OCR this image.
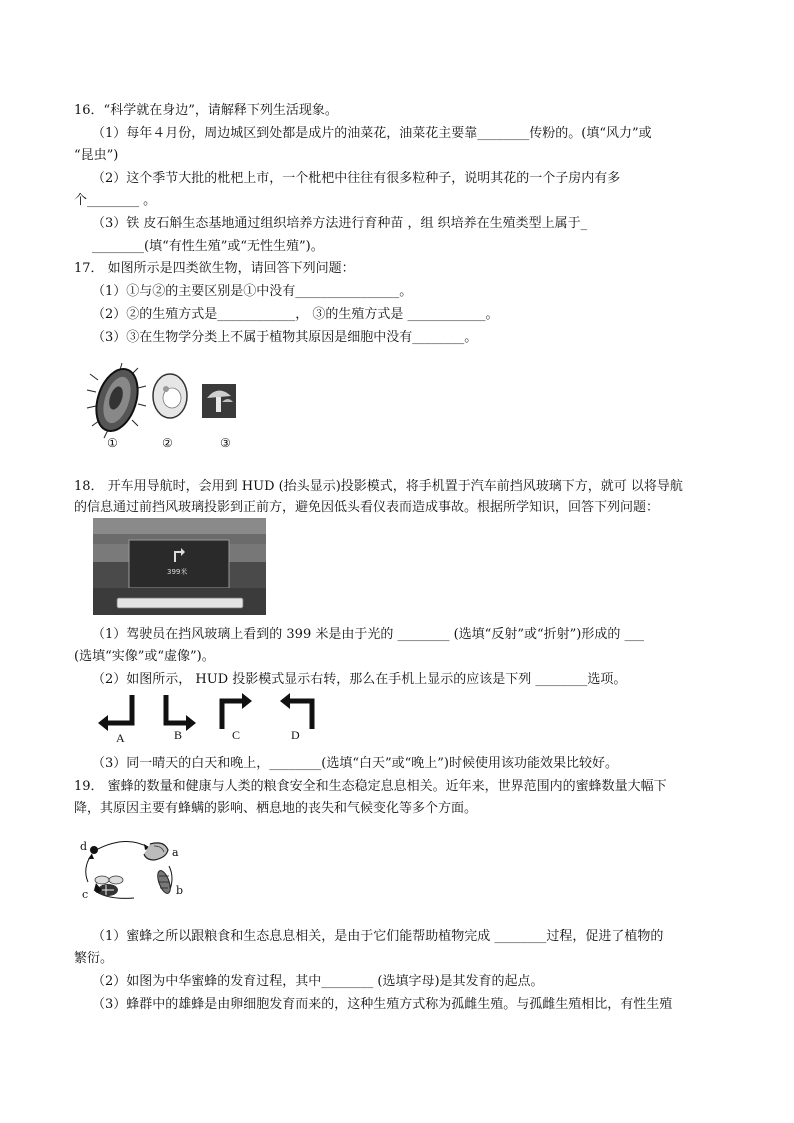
16．“科学就在身边”，请解释下列生活现象。
（1）每年４月份，周边城区到处都是成片的油菜花，油菜花主要靠________传粉的。(填“风力”或
“昆虫”)
（2）这个季节大批的枇杷上市，一个枇杷中往往有很多粒种子，说明其花的一个子房内有多
个________ 。
（3）铁 皮石斛生态基地通过组织培养方法进行育种苗 ，组 织培养在生殖类型上属于_
________(填“有性生殖”或“无性生殖”)。
17． 如图所示是四类欲生物，请回答下列问题：
（1）①与②的主要区别是①中没有________________。
（2）②的生殖方式是____________， ③的生殖方式是 ____________。
（3）③在生物学分类上不属于植物其原因是细胞中没有________。
①	②	③
18． 开车用导航时，会用到 HUD (抬头显示)投影模式，将手机置于汽车前挡风玻璃下方，就可 以将导航
的信息通过前挡风玻璃投影到正前方，避免因低头看仪表而造成事故。根据所学知识，回答下列问题：
399米
（1）驾驶员在挡风玻璃上看到的 399 米是由于光的 ________ (选填“反射”或“折射”)形成的 ___
(选填“实像”或“虚像”)。
（2）如图所示， HUD 投影模式显示右转，那么在手机上显示的应该是下列 ________选项。
A	B	C	D
（3）同一晴天的白天和晚上，________(选填“白天”或“晚上”)时候使用该功能效果比较好。
19． 蜜蜂的数量和健康与人类的粮食安全和生态稳定息息相关。近年来，世界范围内的蜜蜂数量大幅下
降，其原因主要有蜂螨的影响、栖息地的丧失和气候变化等多个方面。
a
b
c
d
（1）蜜蜂之所以跟粮食和生态息息相关，是由于它们能帮助植物完成 ________过程，促进了植物的
繁衍。
（2）如图为中华蜜蜂的发育过程，其中________ (选填字母)是其发育的起点。
（3）蜂群中的雄蜂是由卵细胞发育而来的，这种生殖方式称为孤雌生殖。与孤雌生殖相比，有性生殖
